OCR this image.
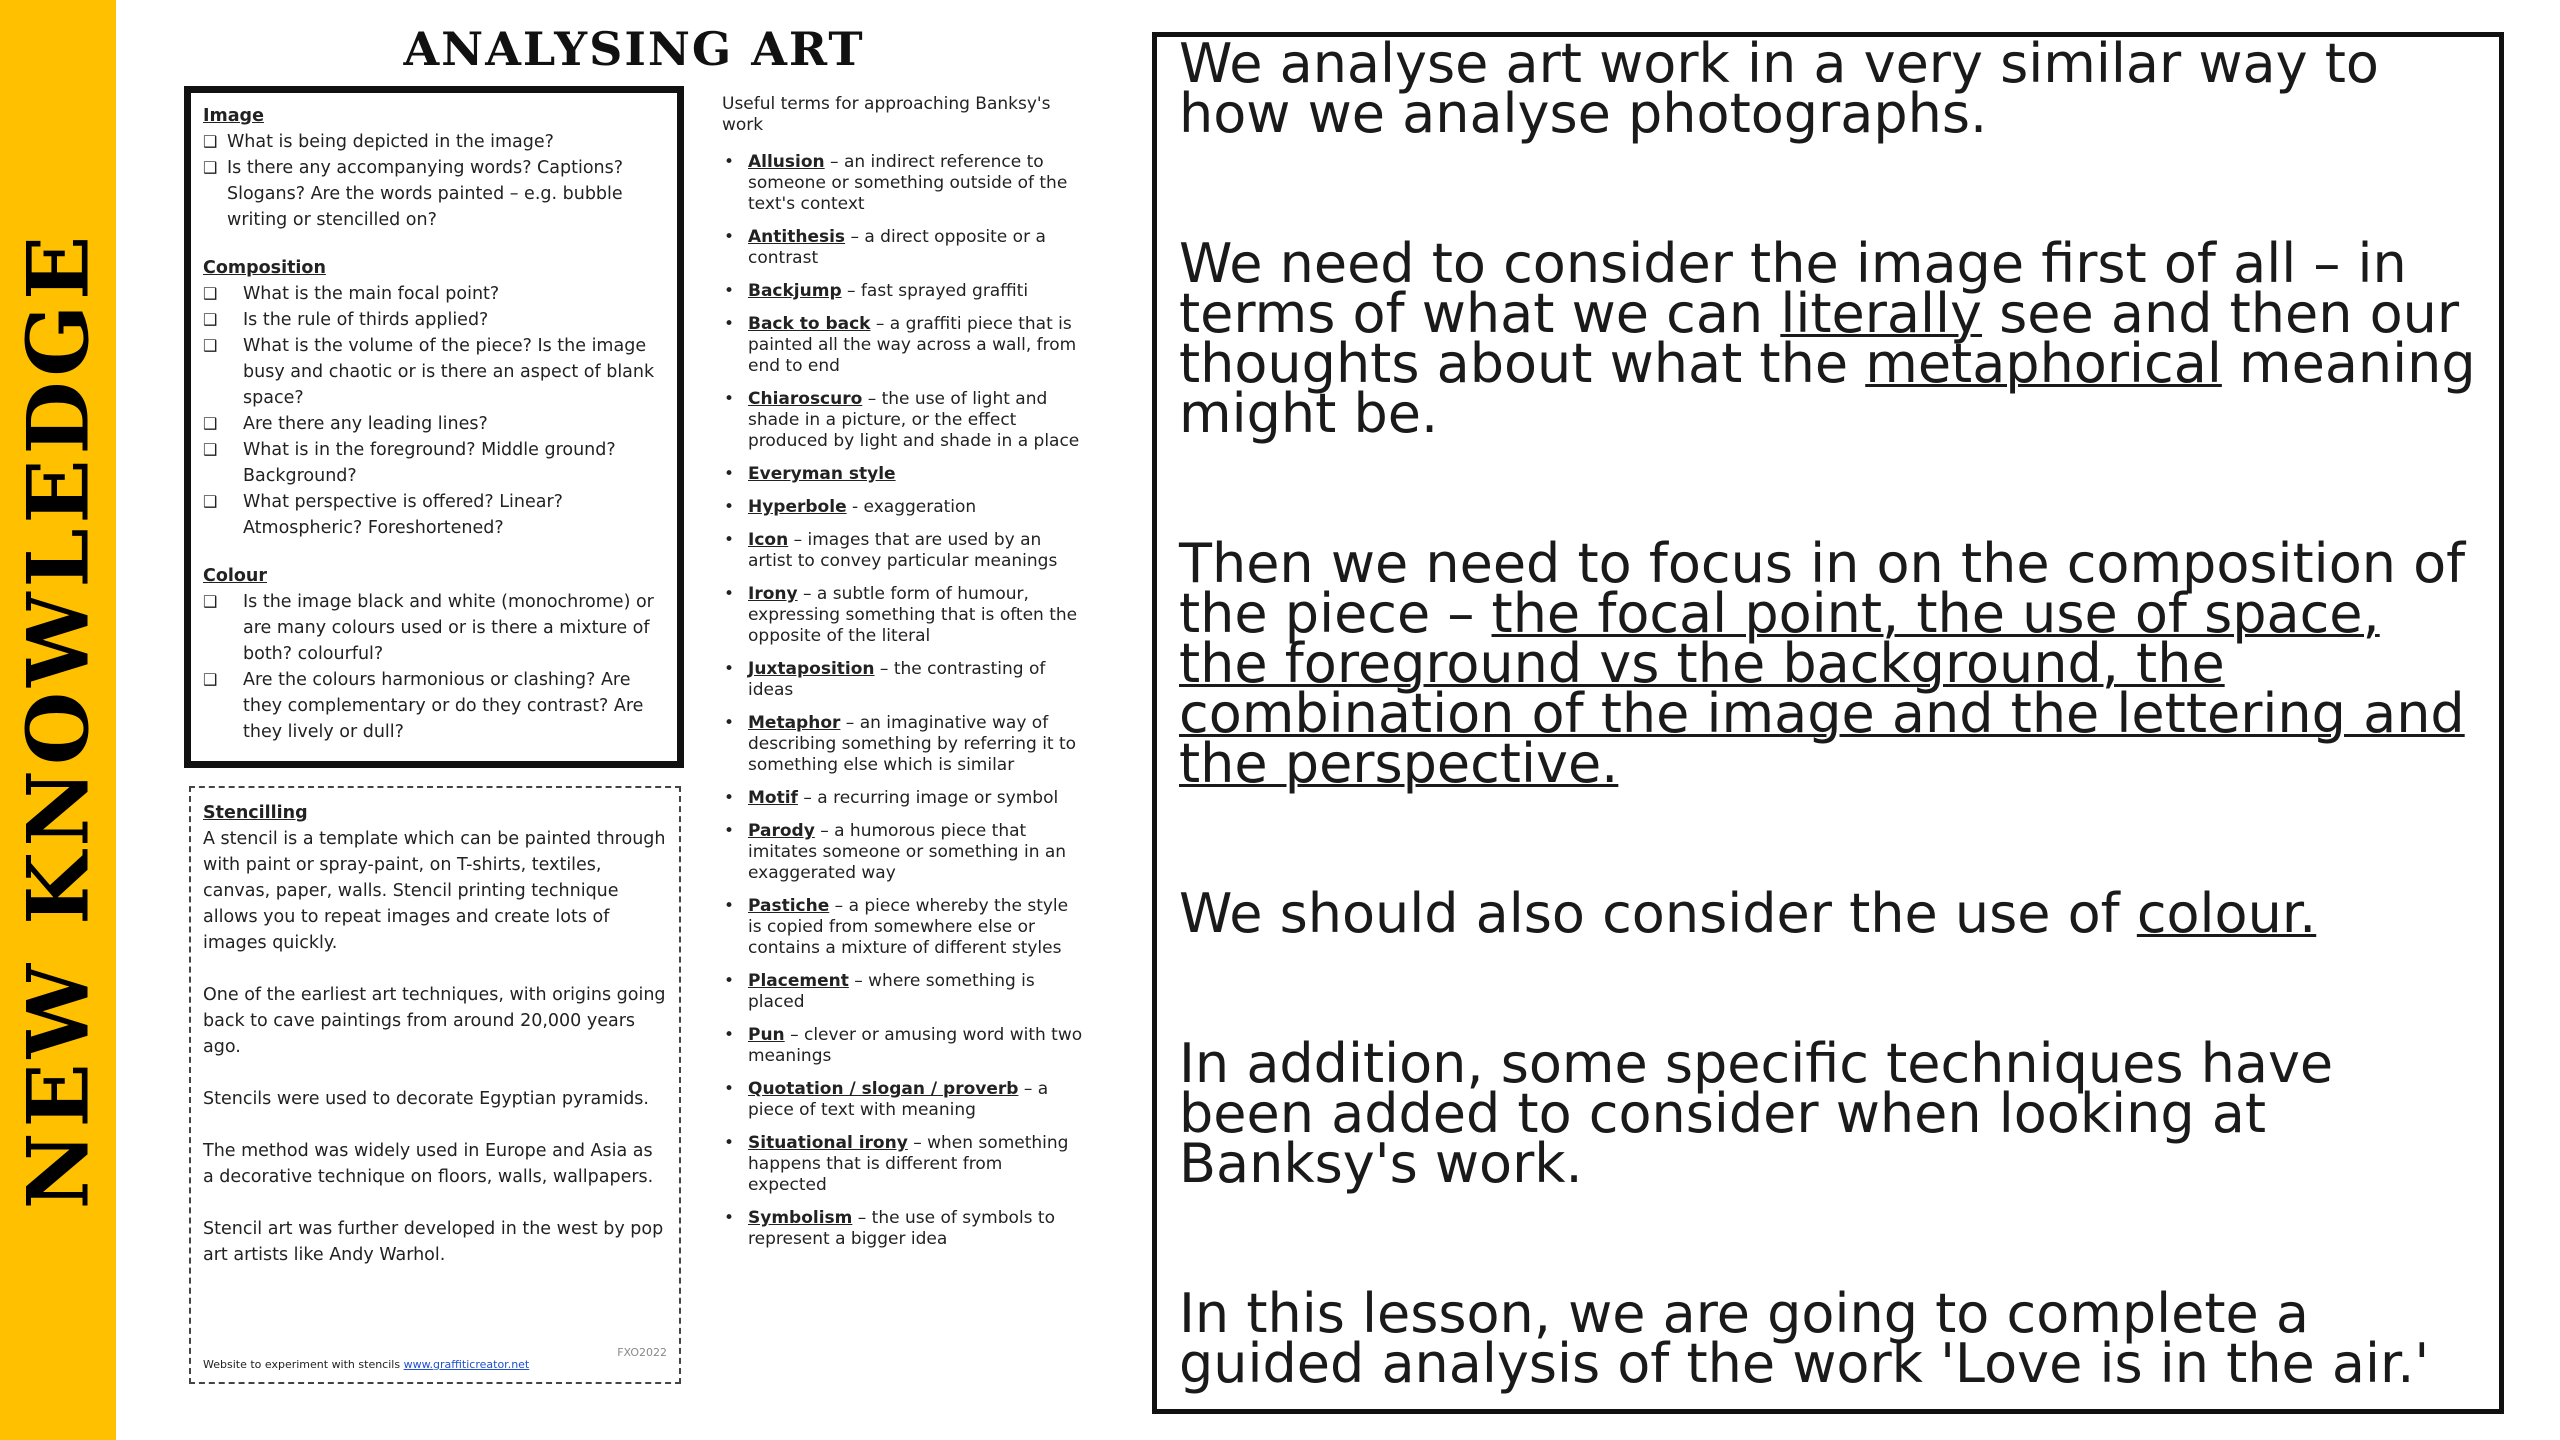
NEW KNOWLEDGE
ANALYSING ART
Image
❑ What is being depicted in the image?
❑ Is there any accompanying words? Captions? Slogans? Are the words painted – e.g. bubble writing or stencilled on?
Composition
❑	What is the main focal point?
❑	Is the rule of thirds applied?
❑	What is the volume of the piece? Is the image busy and chaotic or is there an aspect of blank space?
❑	Are there any leading lines?
❑	What is in the foreground? Middle ground? Background?
❑	What perspective is offered? Linear? Atmospheric? Foreshortened?
Colour
❑	Is the image black and white (monochrome) or are many colours used or is there a mixture of both? colourful?
❑	Are the colours harmonious or clashing? Are they complementary or do they contrast? Are they lively or dull?
Stencilling

A stencil is a template which can be painted through with paint or spray-paint, on T-shirts, textiles, canvas, paper, walls. Stencil printing technique allows you to repeat images and create lots of images quickly.

One of the earliest art techniques, with origins going back to cave paintings from around 20,000 years ago.

Stencils were used to decorate Egyptian pyramids.

The method was widely used in Europe and Asia as a decorative technique on floors, walls, wallpapers.

Stencil art was further developed in the west by pop art artists like Andy Warhol.

Website to experiment with stencils www.graffiticreator.net
FXO2022
Useful terms for approaching Banksy's work
• Allusion – an indirect reference to someone or something outside of the text's context
• Antithesis – a direct opposite or a contrast
• Backjump – fast sprayed graffiti
• Back to back – a graffiti piece that is painted all the way across a wall, from end to end
• Chiaroscuro – the use of light and shade in a picture, or the effect produced by light and shade in a place
• Everyman style
• Hyperbole - exaggeration
• Icon – images that are used by an artist to convey particular meanings
• Irony – a subtle form of humour, expressing something that is often the opposite of the literal
• Juxtaposition – the contrasting of ideas
• Metaphor – an imaginative way of describing something by referring it to something else which is similar
• Motif – a recurring image or symbol
• Parody – a humorous piece that imitates someone or something in an exaggerated way
• Pastiche – a piece whereby the style is copied from somewhere else or contains a mixture of different styles
• Placement – where something is placed
• Pun – clever or amusing word with two meanings
• Quotation / slogan / proverb – a piece of text with meaning
• Situational irony – when something happens that is different from expected
• Symbolism – the use of symbols to represent a bigger idea

We analyse art work in a very similar way to how we analyse photographs.

We need to consider the image first of all – in terms of what we can literally see and then our thoughts about what the metaphorical meaning might be.

Then we need to focus in on the composition of the piece – the focal point, the use of space, the foreground vs the background, the combination of the image and the lettering and the perspective.

We should also consider the use of colour.

In addition, some specific techniques have been added to consider when looking at Banksy's work.

In this lesson, we are going to complete a guided analysis of the work 'Love is in the air.'
